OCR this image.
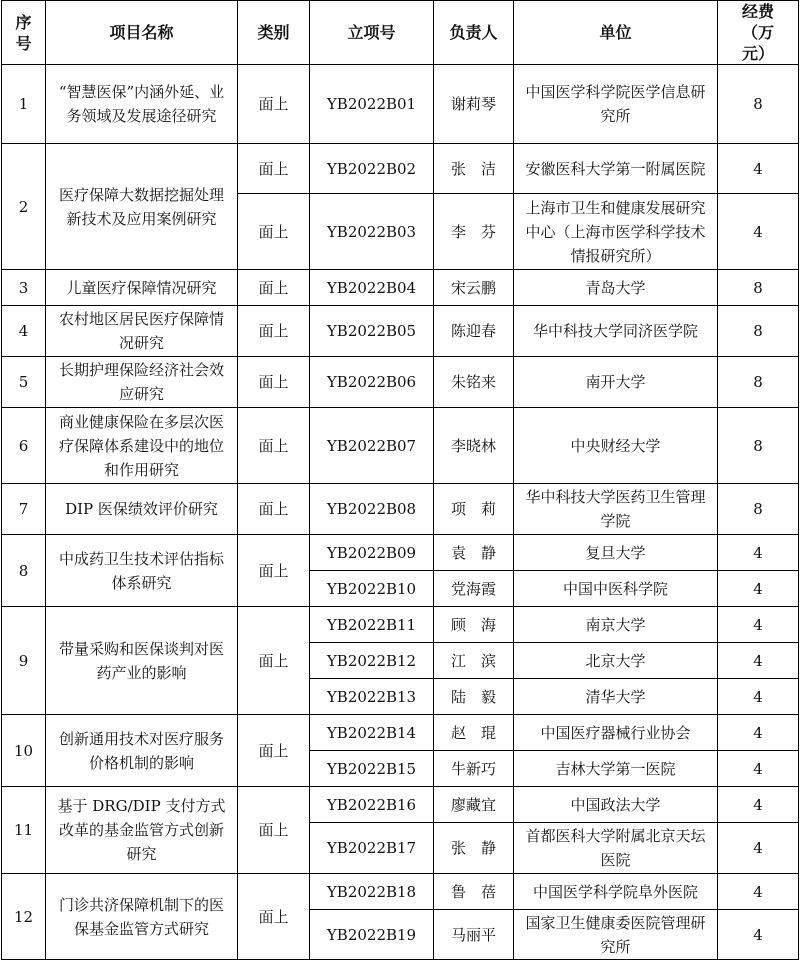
序号	项目名称	类别	立项号	负责人	单位	经费（万元）
1	“智慧医保”内涵外延、业务领域及发展途径研究	面上	YB2022B01	谢莉琴	中国医学科学院医学信息研究所	8
2	医疗保障大数据挖掘处理新技术及应用案例研究	面上	YB2022B02	张　洁	安徽医科大学第一附属医院	4
		面上	YB2022B03	李　芬	上海市卫生和健康发展研究中心（上海市医学科学技术情报研究所）	4
3	儿童医疗保障情况研究	面上	YB2022B04	宋云鹏	青岛大学	8
4	农村地区居民医疗保障情况研究	面上	YB2022B05	陈迎春	华中科技大学同济医学院	8
5	长期护理保险经济社会效应研究	面上	YB2022B06	朱铭来	南开大学	8
6	商业健康保险在多层次医疗保障体系建设中的地位和作用研究	面上	YB2022B07	李晓林	中央财经大学	8
7	DIP 医保绩效评价研究	面上	YB2022B08	项　莉	华中科技大学医药卫生管理学院	8
8	中成药卫生技术评估指标体系研究	面上	YB2022B09	袁　静	复旦大学	4
			YB2022B10	党海霞	中国中医科学院	4
9	带量采购和医保谈判对医药产业的影响	面上	YB2022B11	顾　海	南京大学	4
			YB2022B12	江　滨	北京大学	4
			YB2022B13	陆　毅	清华大学	4
10	创新通用技术对医疗服务价格机制的影响	面上	YB2022B14	赵　琨	中国医疗器械行业协会	4
			YB2022B15	牛新巧	吉林大学第一医院	4
11	基于 DRG/DIP 支付方式改革的基金监管方式创新研究	面上	YB2022B16	廖藏宜	中国政法大学	4
			YB2022B17	张　静	首都医科大学附属北京天坛医院	4
12	门诊共济保障机制下的医保基金监管方式研究	面上	YB2022B18	鲁　蓓	中国医学科学院阜外医院	4
			YB2022B19	马丽平	国家卫生健康委医院管理研究所	4
